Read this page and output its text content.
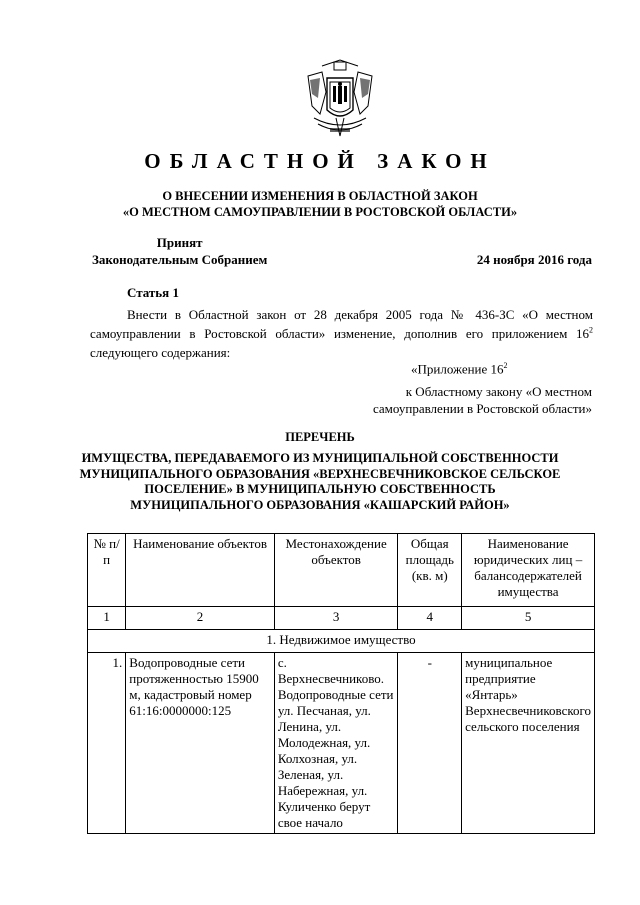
ОБЛАСТНОЙ ЗАКОН
О ВНЕСЕНИИ ИЗМЕНЕНИЯ В ОБЛАСТНОЙ ЗАКОН
«О МЕСТНОМ САМОУПРАВЛЕНИИ В РОСТОВСКОЙ ОБЛАСТИ»
Принят
Законодательным Собранием	24 ноября 2016 года
Статья 1
Внести в Областной закон от 28 декабря 2005 года № 436-ЗС «О местном самоуправлении в Ростовской области» изменение, дополнив его приложением $16^2$ следующего содержания:
«Приложение $16^2$
к Областному закону «О местном
самоуправлении в Ростовской области»
ПЕРЕЧЕНЬ
ИМУЩЕСТВА, ПЕРЕДАВАЕМОГО ИЗ МУНИЦИПАЛЬНОЙ СОБСТВЕННОСТИ
МУНИЦИПАЛЬНОГО ОБРАЗОВАНИЯ «ВЕРХНЕСВЕЧНИКОВСКОЕ СЕЛЬСКОЕ
ПОСЕЛЕНИЕ» В МУНИЦИПАЛЬНУЮ СОБСТВЕННОСТЬ
МУНИЦИПАЛЬНОГО ОБРАЗОВАНИЯ «КАШАРСКИЙ РАЙОН»
№ п/п	Наименование объектов	Местонахождение объектов	Общая площадь (кв. м)	Наименование юридических лиц – балансодержателей имущества
1	2	3	4	5
1. Недвижимое имущество				
1.	Водопроводные сети протяженностью 15900 м, кадастровый номер 61:16:0000000:125	с. Верхнесвечниково. Водопроводные сети ул. Песчаная, ул. Ленина, ул. Молодежная, ул. Колхозная, ул. Зеленая, ул. Набережная, ул. Куличенко берут свое начало	-	муниципальное предприятие «Янтарь» Верхнесвечниковского сельского поселения
